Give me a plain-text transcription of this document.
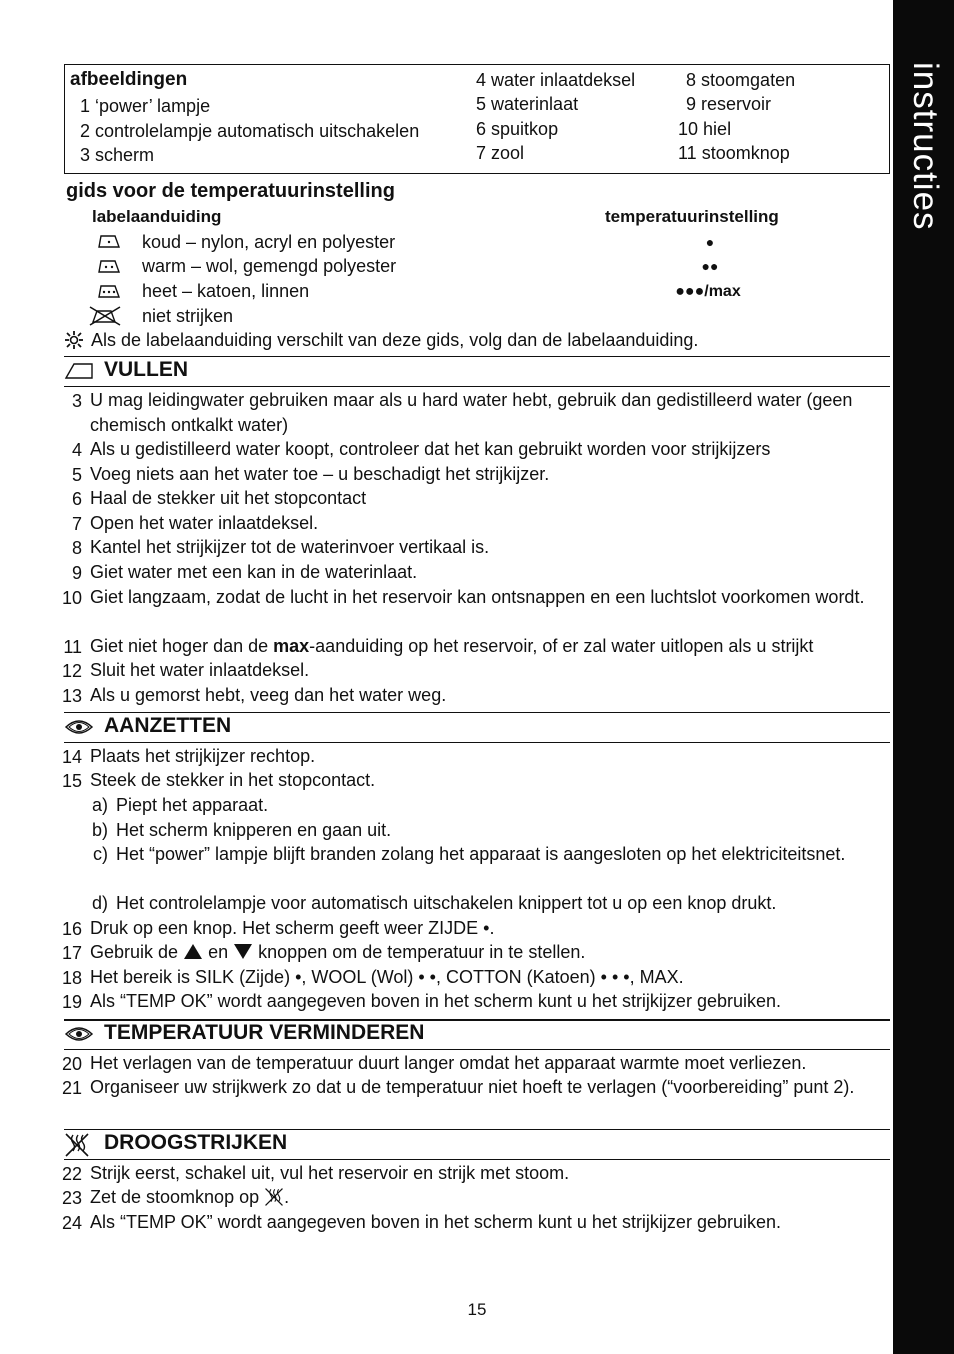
instructies
afbeeldingen
1 ‘power’ lampje
2 controlelampje automatisch uitschakelen
3 scherm
4 water inlaatdeksel
5 waterinlaat
6 spuitkop
7 zool
8 stoomgaten
9 reservoir
10 hiel
11 stoomknop
gids voor de temperatuurinstelling
labelaanduiding	temperatuurinstelling
koud – nylon, acryl en polyester
warm – wol, gemengd polyester
heet – katoen, linnen
niet strijken
●
●●
●●●/max
Als de labelaanduiding verschilt van deze gids, volg dan de labelaanduiding.
VULLEN
3 U mag leidingwater gebruiken maar als u hard water hebt, gebruik dan gedistilleerd water (geen chemisch ontkalkt water)
4 Als u gedistilleerd water koopt, controleer dat het kan gebruikt worden voor strijkijzers
5 Voeg niets aan het water toe – u beschadigt het strijkijzer.
6 Haal de stekker uit het stopcontact
7 Open het water inlaatdeksel.
8 Kantel het strijkijzer tot de waterinvoer vertikaal is.
9 Giet water met een kan in de waterinlaat.
10 Giet langzaam, zodat de lucht in het reservoir kan ontsnappen en een luchtslot voorkomen wordt.
11 Giet niet hoger dan de max-aanduiding op het reservoir, of er zal water uitlopen als u strijkt
12 Sluit het water inlaatdeksel.
13 Als u gemorst hebt, veeg dan het water weg.
AANZETTEN
14 Plaats het strijkijzer rechtop.
15 Steek de stekker in het stopcontact.
a) Piept het apparaat.
b) Het scherm knipperen en gaan uit.
c) Het “power” lampje blijft branden zolang het apparaat is aangesloten op het elektriciteitsnet.
d) Het controlelampje voor automatisch uitschakelen knippert tot u op een knop drukt.
16 Druk op een knop. Het scherm geeft weer ZIJDE •.
17 Gebruik de en knoppen om de temperatuur in te stellen.
18 Het bereik is SILK (Zijde) •, WOOL (Wol) • •, COTTON (Katoen) • • •, MAX.
19 Als “TEMP OK” wordt aangegeven boven in het scherm kunt u het strijkijzer gebruiken.
TEMPERATUUR VERMINDEREN
20 Het verlagen van de temperatuur duurt langer omdat het apparaat warmte moet verliezen.
21 Organiseer uw strijkwerk zo dat u de temperatuur niet hoeft te verlagen (“voorbereiding” punt 2).
DROOGSTRIJKEN
22 Strijk eerst, schakel uit, vul het reservoir en strijk met stoom.
23 Zet de stoomknop op .
24 Als “TEMP OK” wordt aangegeven boven in het scherm kunt u het strijkijzer gebruiken.
15
